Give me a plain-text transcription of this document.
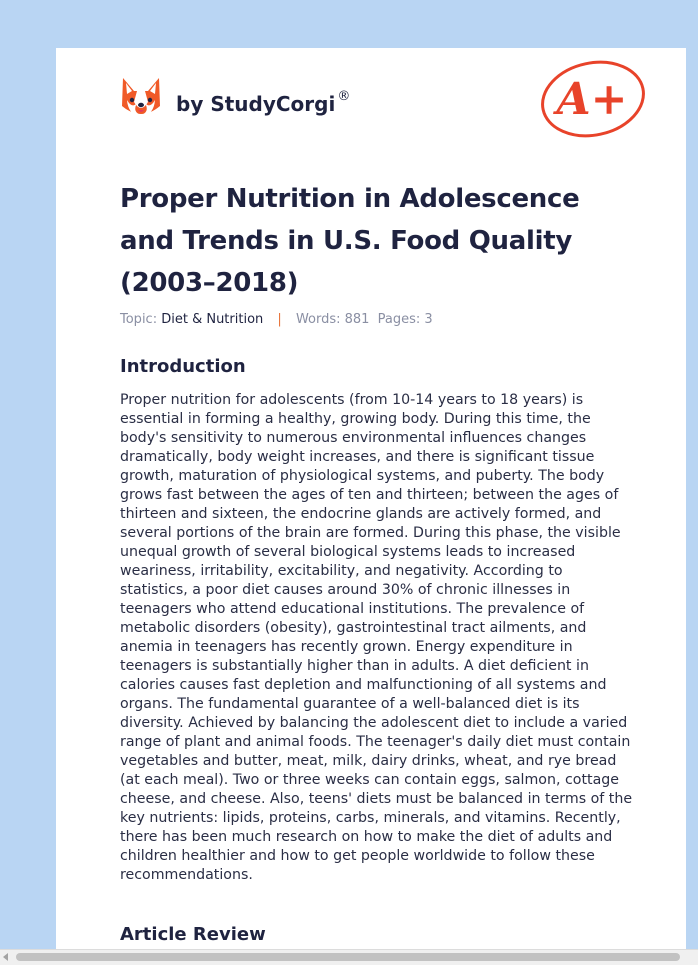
by StudyCorgi ®	A+
Proper Nutrition in Adolescence and Trends in U.S. Food Quality (2003–2018)
Topic: Diet & Nutrition | Words: 881 Pages: 3
Introduction

Proper nutrition for adolescents (from 10-14 years to 18 years) is essential in forming a healthy, growing body. During this time, the body's sensitivity to numerous environmental influences changes dramatically, body weight increases, and there is significant tissue growth, maturation of physiological systems, and puberty. The body grows fast between the ages of ten and thirteen; between the ages of thirteen and sixteen, the endocrine glands are actively formed, and several portions of the brain are formed. During this phase, the visible unequal growth of several biological systems leads to increased weariness, irritability, excitability, and negativity. According to statistics, a poor diet causes around 30% of chronic illnesses in teenagers who attend educational institutions. The prevalence of metabolic disorders (obesity), gastrointestinal tract ailments, and anemia in teenagers has recently grown. Energy expenditure in teenagers is substantially higher than in adults. A diet deficient in calories causes fast depletion and malfunctioning of all systems and organs. The fundamental guarantee of a well-balanced diet is its diversity. Achieved by balancing the adolescent diet to include a varied range of plant and animal foods. The teenager's daily diet must contain vegetables and butter, meat, milk, dairy drinks, wheat, and rye bread (at each meal). Two or three weeks can contain eggs, salmon, cottage cheese, and cheese. Also, teens' diets must be balanced in terms of the key nutrients: lipids, proteins, carbs, minerals, and vitamins. Recently, there has been much research on how to make the diet of adults and children healthier and how to get people worldwide to follow these recommendations.

Article Review
